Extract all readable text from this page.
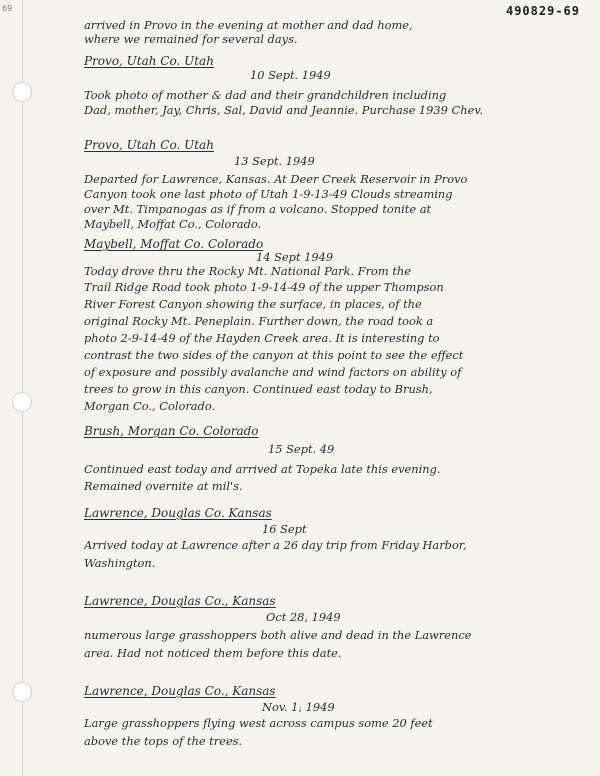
69	490829-69
arrived in Provo in the evening at mother and dad home,
where we remained for several days.
Provo, Utah Co. Utah
10 Sept. 1949
Took photo of mother & dad and their grandchildren including
Dad, mother, Jay, Chris, Sal, David and Jeannie. Purchase 1939 Chev.
Provo, Utah Co. Utah
13 Sept. 1949
Departed for Lawrence, Kansas. At Deer Creek Reservoir in Provo
Canyon took one last photo of Utah 1-9-13-49 Clouds streaming
over Mt. Timpanogas as if from a volcano. Stopped tonite at
Maybell, Moffat Co., Colorado.
Maybell, Moffat Co. Colorado
14 Sept 1949
Today drove thru the Rocky Mt. National Park. From the
Trail Ridge Road took photo 1-9-14-49 of the upper Thompson
River Forest Canyon showing the surface, in places, of the
original Rocky Mt. Peneplain. Further down, the road took a
photo 2-9-14-49 of the Hayden Creek area. It is interesting to
contrast the two sides of the canyon at this point to see the effect
of exposure and possibly avalanche and wind factors on ability of
trees to grow in this canyon. Continued east today to Brush,
Morgan Co., Colorado.
Brush, Morgan Co. Colorado
15 Sept. 49
Continued east today and arrived at Topeka late this evening.
Remained overnite at mil's.
Lawrence, Douglas Co. Kansas
16 Sept
Arrived today at Lawrence after a 26 day trip from Friday Harbor,
Washington.
Lawrence, Douglas Co., Kansas
Oct 28, 1949
numerous large grasshoppers both alive and dead in the Lawrence
area. Had not noticed them before this date.
Lawrence, Douglas Co., Kansas
Nov. 1, 1949
Large grasshoppers flying west across campus some 20 feet
above the tops of the trees.
